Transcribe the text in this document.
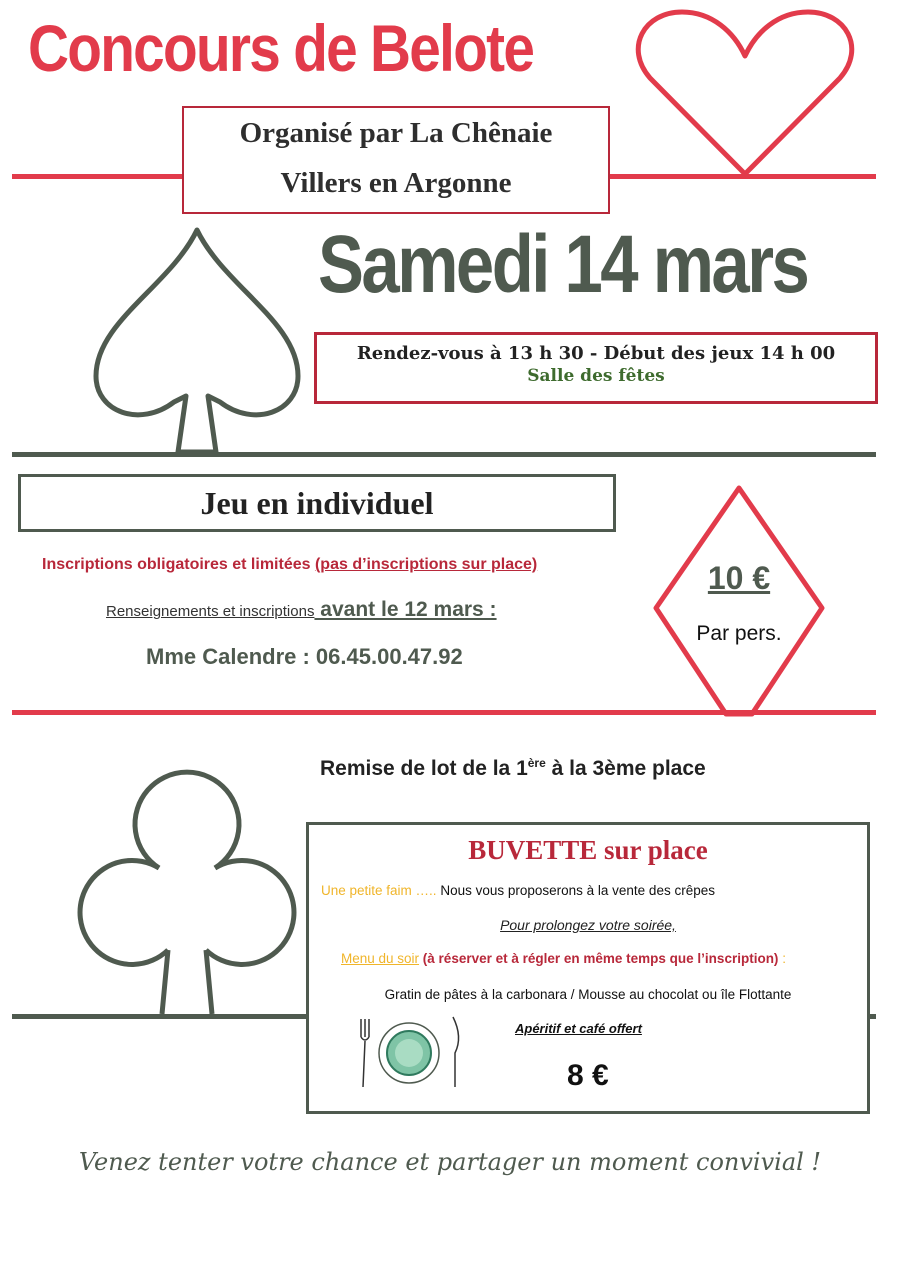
Concours de Belote
Organisé par La Chênaie
Villers en Argonne
Samedi 14 mars
Rendez-vous à 13 h 30 - Début des jeux 14 h 00
Salle des fêtes
Jeu en individuel
Inscriptions obligatoires et limitées (pas d’inscriptions sur place)
Renseignements et inscriptions avant le 12 mars :
Mme Calendre : 06.45.00.47.92
10 €
Par pers.
Remise de lot de la 1ère à la 3ème place
BUVETTE sur place
Une petite faim ….. Nous vous proposerons à la vente des crêpes
Pour prolongez votre soirée,
Menu du soir (à réserver et à régler en même temps que l’inscription) :
Gratin de pâtes à la carbonara / Mousse au chocolat ou île Flottante
Apéritif et café offert
8 €
Venez tenter votre chance et partager un moment convivial !
